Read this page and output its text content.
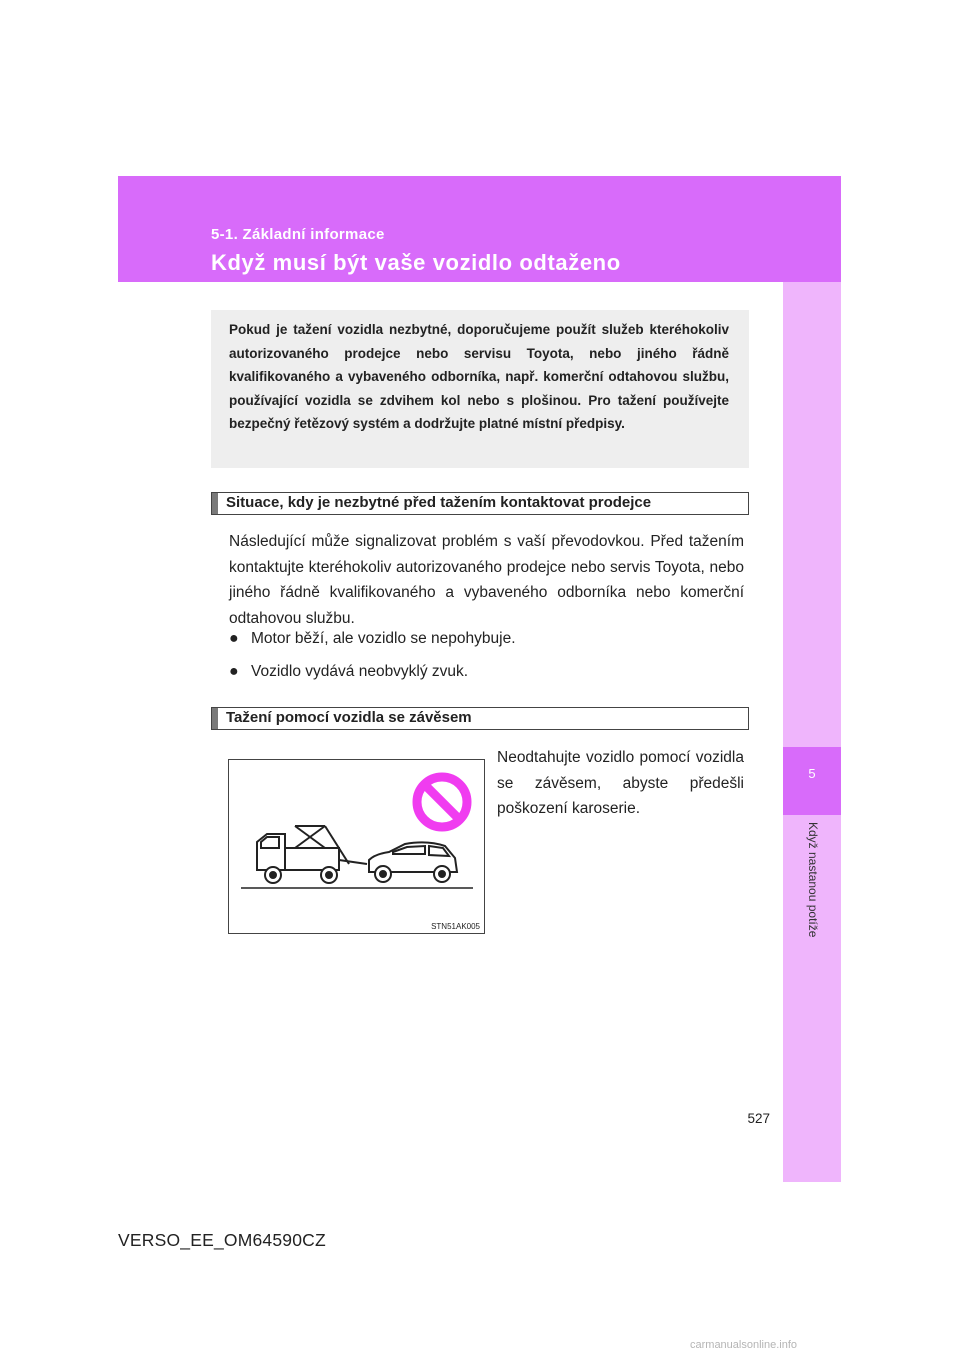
5-1. Základní informace
Když musí být vaše vozidlo odtaženo
5
Když nastanou potíže
Pokud je tažení vozidla nezbytné, doporučujeme použít služeb kteréhokoliv autorizovaného prodejce nebo servisu Toyota, nebo jiného řádně kvalifikovaného a vybaveného odborníka, např. komerční odtahovou službu, používající vozidla se zdvihem kol nebo s plošinou. Pro tažení používejte bezpečný řetězový systém a dodržujte platné místní předpisy.
Situace, kdy je nezbytné před tažením kontaktovat prodejce
Následující může signalizovat problém s vaší převodovkou. Před tažením kontaktujte kteréhokoliv autorizovaného prodejce nebo servis Toyota, nebo jiného řádně kvalifikovaného a vybaveného odborníka nebo komerční odtahovou službu.
● Motor běží, ale vozidlo se nepohybuje.
● Vozidlo vydává neobvyklý zvuk.
Tažení pomocí vozidla se závěsem
STN51AK005
Neodtahujte vozidlo pomocí vozidla se závěsem, abyste předešli poškození karoserie.
527
VERSO_EE_OM64590CZ
carmanualsonline.info
